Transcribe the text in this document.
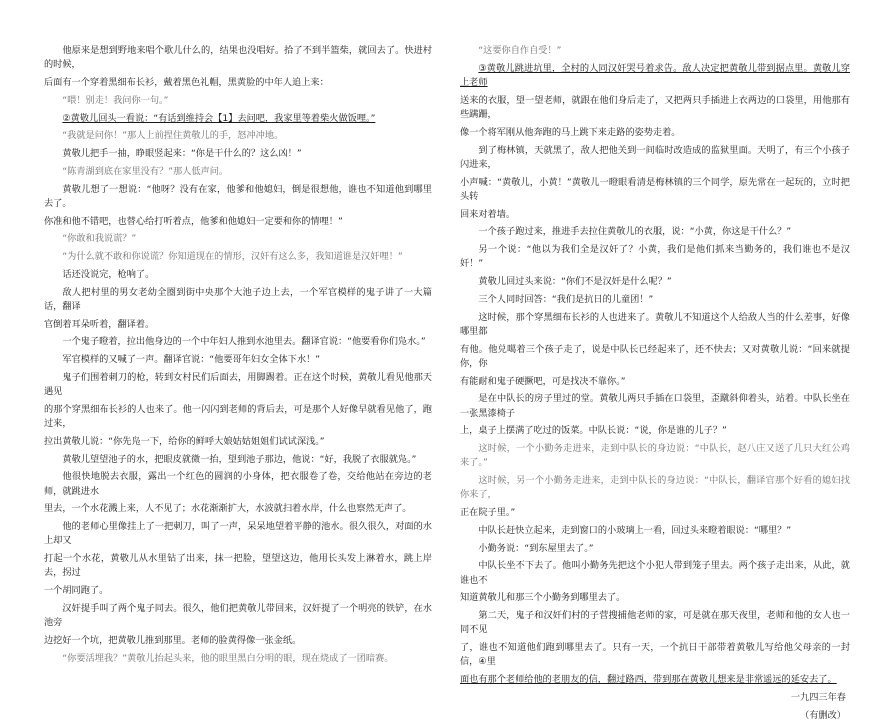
他原来是想到野地来唱个歌儿什么的，结果也没唱好。拾了不到半篮柴，就回去了。快进村的时候，

后面有一个穿着黑细布长衫，戴着黑色礼帽，黑黄脸的中年人追上来：

“喂！别走！我问你一句。”

②黄敬儿回头一看说：“有话到维持会【1】去问吧，我家里等着柴火做饭哩。”

“我就是问你！”那人上前捏住黄敬儿的手，怒冲冲地。

黄敬儿把手一抽，睁眼竖起来：“你是干什么的？这么凶！”

“陈青湖到底在家里没有？”那人低声问。

黄敬儿想了一想说：“他呀？没有在家，他爹和他媳妇，倒是很想他，谁也不知道他到哪里去了。

你准和他不错吧，也替心给打听着点，他爹和他媳妇一定要和你的情哩！”

“你敢和我说谎？”

“为什么就不敢和你说谎？你知道现在的情形，汉奸有这么多，我知道谁是汉奸哩！”

话还没说完，枪响了。

敌人把村里的男女老幼全圈到街中央那个大池子边上去，一个军官模样的鬼子讲了一大篇话，翻译

官倒着耳朵听着，翻译着。

一个鬼子瞪着，拉出他身边的一个中年妇人推到水池里去。翻译官说：“他要看你们凫水。”

军官模样的又喊了一声。翻译官说：“他要哥年妇女全体下水！”

鬼子们围着刺刀的枪，转到女村民们后面去，用脚踢着。正在这个时候，黄敬儿看见他那天遇见

的那个穿黑细布长衫的人也来了。他一闪闪到老师的背后去，可是那个人好像早就看见他了，跑过来，

拉出黄敬儿说：“你先凫一下，给你的鲜呼大娘姑姑姐姐们试试深浅。”

黄敬儿望望池子的水，把眼皮就微一抬，望到池子那边，他说：“好，我脱了衣服就凫。”

他很快地脱去衣服，露出一个红色的圆润的小身体，把衣服卷了卷，交给他站在旁边的老师，就跳进水

里去，一个水花溅上来，人不见了；水花渐渐扩大，水波就扫着水岸，什么也察然无声了。

他的老师心里像挂上了一把刺刀，叫了一声，呆呆地望着平静的池水。很久很久，对面的水上却又

打起一个水花，黄敬儿从水里钻了出来，抹一把脸，望望这边，他用长头发上淋着水，跳上岸去，拐过

一个胡同跑了。

汉奸提手叫了两个鬼子同去。很久，他们把黄敬儿带回来，汉奸提了一个明亮的铁铲，在水池旁

边挖好一个坑，把黄敬儿推到那里。老师的脸黄得像一张金纸。

“你要活埋我？”黄敬儿抬起头来，他的眼里黑白分明的眼，现在烧成了一团暗赛。

“这要你自作自受！”

③黄敬儿跳进坑里，全村的人同汉奸哭号着求告。敌人决定把黄敬儿带到据点里。黄敬儿穿上老师

送来的衣服，望一望老师，就跟在他们身后走了，又把两只手插进上衣两边的口袋里，用他那有些蹒跚，

像一个将军刚从他奔跑的马上跳下来走路的姿势走着。

到了梅林镇，天就黑了，敌人把他关到一间临时改造成的监狱里面。天明了，有三个小孩子闪进来，

小声喊：“黄敬儿，小黄！”黄敬儿一瞪眼看清是梅林镇的三个同学，原先常在一起玩的，立时把头转

回来对着墙。

一个孩子跑过来，推进手去拉住黄敬儿的衣服，说：“小黄，你这是干什么？”

另一个说：“他以为我们全是汉奸了？小黄，我们是他们抓来当勤务的，我们谁也不是汉奸！”

黄敬儿回过头来说：“你们不是汉奸是什么呢？”

三个人同时回答：“我们是抗日的儿童团！”

这时候，那个穿黑细布长衫的人也进来了。黄敬儿不知道这个人给敌人当的什么差事，好像哪里都

有他。他兑噶着三个孩子走了，说是中队长已经起来了，还不快去；又对黄敬儿说：“回来就提你，你

有能耐和鬼子硬撅吧，可是找决不靠你。”

是在中队长的房子里过的堂。黄敬儿两只手插在口袋里，歪蹴斜仰着头，站着。中队长坐在一张黑漆椅子

上，桌子上摆满了吃过的饭菜。中队长说：“说，你是谁的儿子？”

这时候，一个小勤务走进来，走到中队长的身边说：“中队长，赵八庄又送了几只大红公鸡来了。”

这时候，另一个小勤务走进来，走到中队长的身边说：“中队长，翻译官那个好看的媳妇找你来了，

正在院子里。”

中队长赶快立起来，走到窗口的小玻璃上一看，回过头来瞪着眼说：“哪里？”

小勤务说：“到东屋里去了。”

中队长坐不下去了。他叫小勤务先把这个小犯人带到笼子里去。两个孩子走出来，从此，就谁也不

知道黄敬儿和那三个小勤务到哪里去了。

第二天，鬼子和汉奸们村的子营搜捕他老师的家，可是就在那天夜里，老师和他的女人也一同不见

了，谁也不知道他们跑到哪里去了。只有一天，一个抗日干部带着黄敬儿写给他父母亲的一封信，④里

面也有那个老师给他的老朋友的信，翻过路西，带到那在黄敬儿想来是非常遥远的延安去了。

一九四三年春

（有删改）
